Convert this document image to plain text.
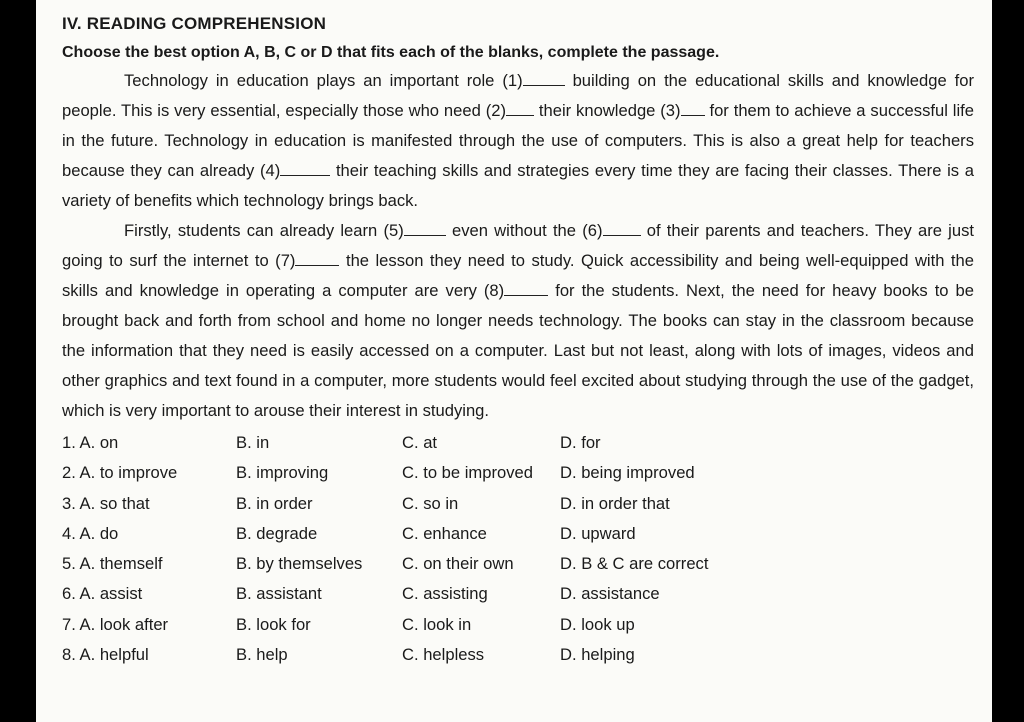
IV. READING COMPREHENSION
Choose the best option A, B, C or D that fits each of the blanks, complete the passage.

Technology in education plays an important role (1)	building on the educational skills and knowledge for people. This is very essential, especially those who need (2) their knowledge (3) for them to achieve a successful life in the future. Technology in education is manifested through the use of computers. This is also a great help for teachers because they can already (4)	their teaching skills and strategies every time they are facing their classes. There is a variety of benefits which technology brings back.

Firstly, students can already learn (5)	even without the (6)	of their parents and teachers. They are just going to surf the internet to (7)	the lesson they need to study. Quick accessibility and being well-equipped with the skills and knowledge in operating a computer are very (8)	for the students. Next, the need for heavy books to be brought back and forth from school and home no longer needs technology. The books can stay in the classroom because the information that they need is easily accessed on a computer. Last but not least, along with lots of images, videos and other graphics and text found in a computer, more students would feel excited about studying through the use of the gadget, which is very important to arouse their interest in studying.

1. A. on	B. in	C. at	D. for
2. A. to improve	B. improving	C. to be improved	D. being improved
3. A. so that	B. in order	C. so in	D. in order that
4. A. do	B. degrade	C. enhance	D. upward
5. A. themself	B. by themselves	C. on their own	D. B & C are correct
6. A. assist	B. assistant	C. assisting	D. assistance
7. A. look after	B. look for	C. look in	D. look up
8. A. helpful	B. help	C. helpless	D. helping
